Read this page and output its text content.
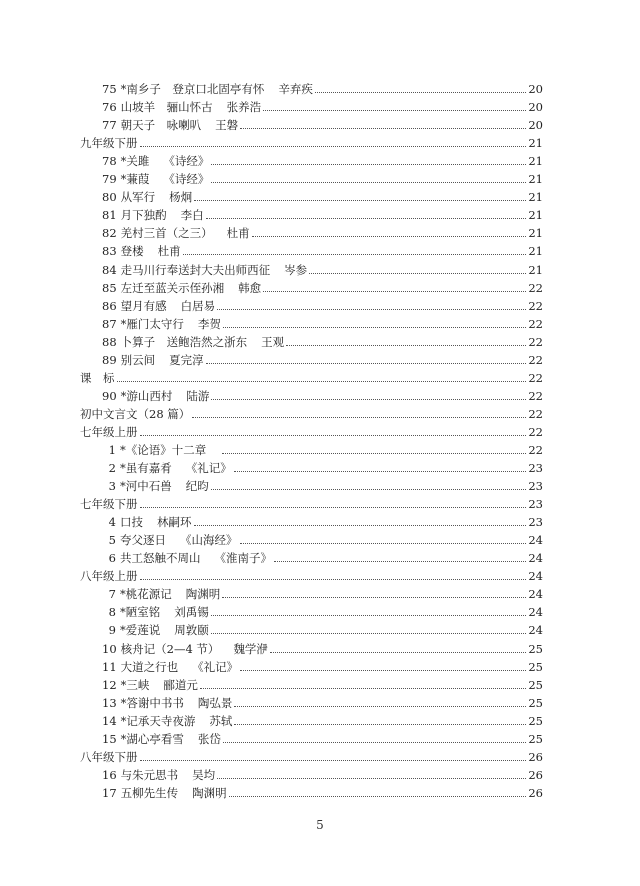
75 *南乡子　登京口北固亭有怀 辛弃疾	20
76 山坡羊　骊山怀古 张养浩	20
77 朝天子　咏喇叭 王磐	20
九年级下册	21
78 *关雎 《诗经》	21
79 *蒹葭 《诗经》	21
80 从军行 杨炯	21
81 月下独酌 李白	21
82 羌村三首（之三） 杜甫	21
83 登楼 杜甫	21
84 走马川行奉送封大夫出师西征 岑参	21
85 左迁至蓝关示侄孙湘 韩愈	22
86 望月有感 白居易	22
87 *雁门太守行 李贺	22
88 卜算子　送鲍浩然之浙东 王观	22
89 别云间 夏完淳	22
课　标	22
90 *游山西村 陆游	22
初中文言文（28 篇）	22
七年级上册	22
1 *《论语》十二章	22
2 *虽有嘉肴 《礼记》	23
3 *河中石兽 纪昀	23
七年级下册	23
4 口技 林嗣环	23
5 夸父逐日 《山海经》	24
6 共工怒触不周山 《淮南子》	24
八年级上册	24
7 *桃花源记 陶渊明	24
8 *陋室铭 刘禹锡	24
9 *爱莲说 周敦颐	24
10 核舟记（2—4 节） 魏学洢	25
11 大道之行也 《礼记》	25
12 *三峡 郦道元	25
13 *答谢中书书 陶弘景	25
14 *记承天寺夜游 苏轼	25
15 *湖心亭看雪 张岱	25
八年级下册	26
16 与朱元思书 吴均	26
17 五柳先生传 陶渊明	26
5
